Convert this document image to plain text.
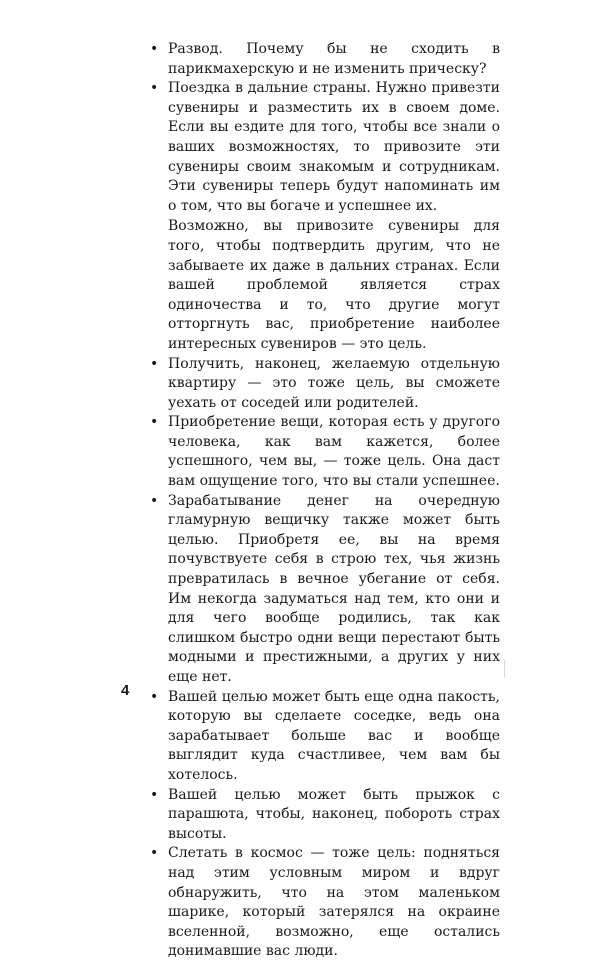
• Развод. Почему бы не сходить в парикмахерскую и не изменить прическу?
• Поездка в дальние страны. Нужно привезти сувениры и разместить их в своем доме. Если вы ездите для того, чтобы все знали о ваших возможностях, то привозите эти сувениры своим знакомым и сотрудникам. Эти сувениры теперь будут напоминать им о том, что вы богаче и успешнее их.
Возможно, вы привозите сувениры для того, чтобы подтвердить другим, что не забываете их даже в дальних странах. Если вашей проблемой является страх одиночества и то, что другие могут отторгнуть вас, приобретение наиболее интересных сувениров — это цель.
• Получить, наконец, желаемую отдельную квартиру — это тоже цель, вы сможете уехать от соседей или родителей.
• Приобретение вещи, которая есть у другого человека, как вам кажется, более успешного, чем вы, — тоже цель. Она даст вам ощущение того, что вы стали успешнее.
• Зарабатывание денег на очередную гламурную вещичку также может быть целью. Приобретя ее, вы на время почувствуете себя в строю тех, чья жизнь превратилась в вечное убегание от себя. Им некогда задуматься над тем, кто они и для чего вообще родились, так как слишком быстро одни вещи перестают быть модными и престижными, а других у них еще нет.
• Вашей целью может быть еще одна пакость, которую вы сделаете соседке, ведь она зарабатывает больше вас и вообще выглядит куда счастливее, чем вам бы хотелось.
• Вашей целью может быть прыжок с парашюта, чтобы, наконец, побороть страх высоты.
• Слетать в космос — тоже цель: подняться над этим условным миром и вдруг обнаружить, что на этом маленьком шарике, который затерялся на окраине вселенной, возможно, еще остались донимавшие вас люди.
4
